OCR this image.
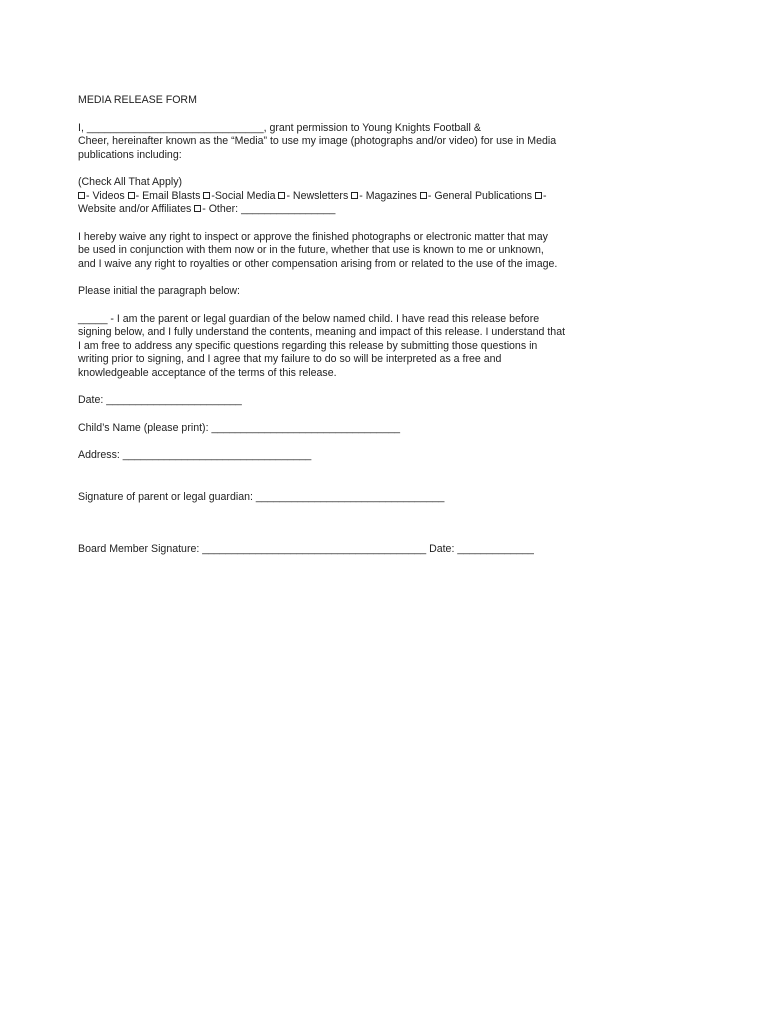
MEDIA RELEASE FORM

I, ______________________________, grant permission to Young Knights Football &
Cheer, hereinafter known as the “Media” to use my image (photographs and/or video) for use in Media
publications including:

(Check All That Apply)
- Videos - Email Blasts -Social Media - Newsletters - Magazines - General Publications -
Website and/or Affiliates - Other: ________________

I hereby waive any right to inspect or approve the finished photographs or electronic matter that may
be used in conjunction with them now or in the future, whether that use is known to me or unknown,
and I waive any right to royalties or other compensation arising from or related to the use of the image.

Please initial the paragraph below:

_____ - I am the parent or legal guardian of the below named child. I have read this release before
signing below, and I fully understand the contents, meaning and impact of this release. I understand that
I am free to address any specific questions regarding this release by submitting those questions in
writing prior to signing, and I agree that my failure to do so will be interpreted as a free and
knowledgeable acceptance of the terms of this release.

Date: _______________________

Child’s Name (please print): ________________________________

Address: ________________________________

Signature of parent or legal guardian: ________________________________

Board Member Signature: ______________________________________ Date: _____________
